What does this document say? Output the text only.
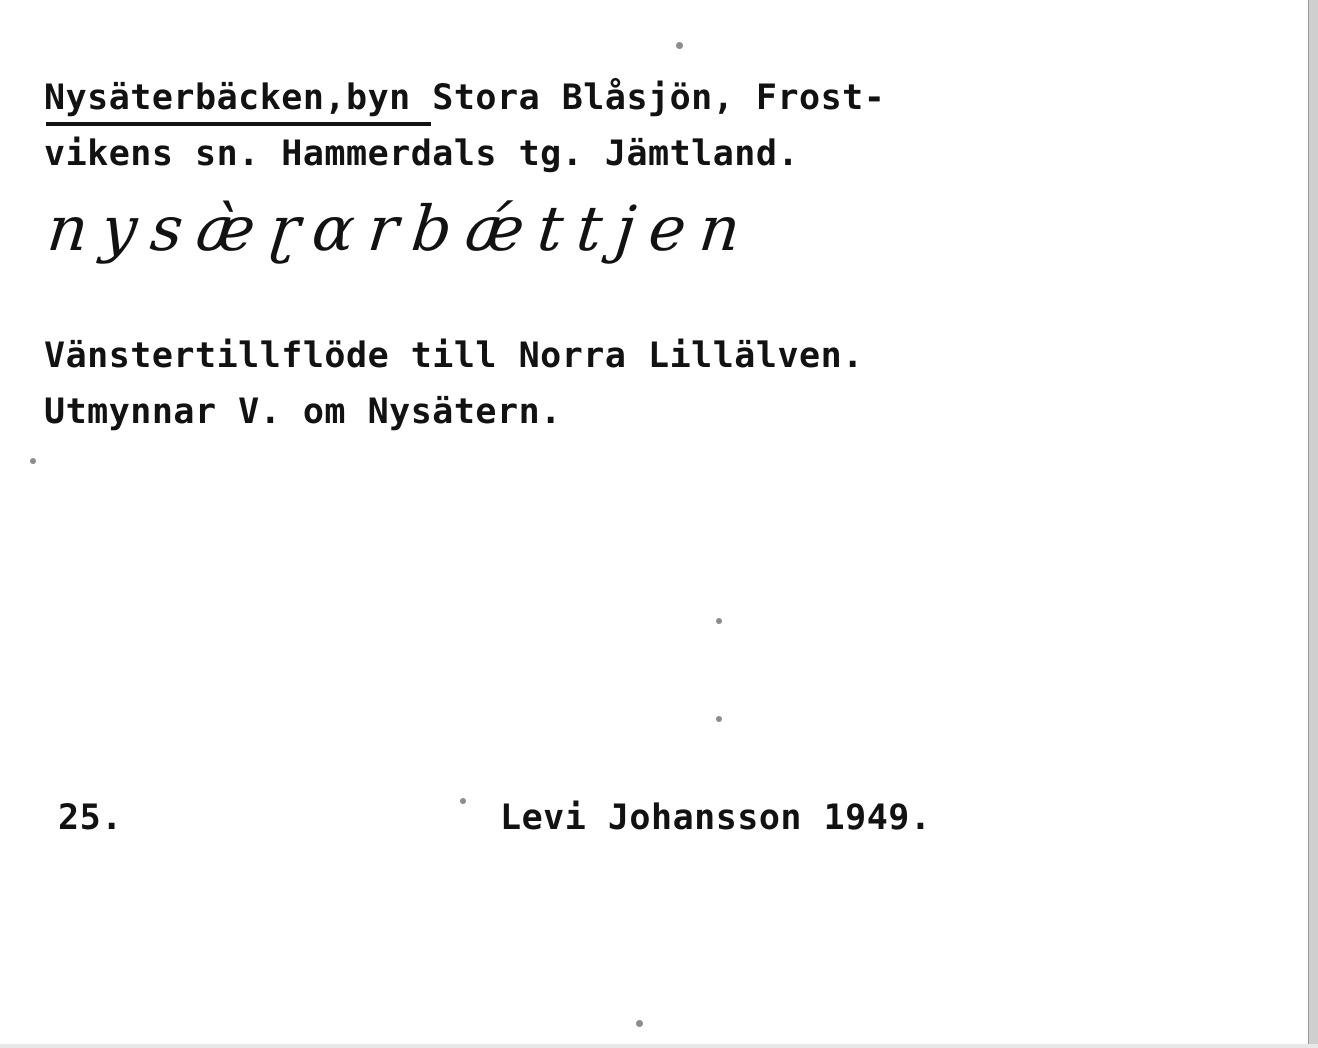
Nysäterbäcken,byn Stora Blåsjön, Frost-
vikens sn. Hammerdals tg. Jämtland.
nysæ̀ɽɑrbǽttjen
Vänstertillflöde till Norra Lillälven.
Utmynnar V. om Nysätern.
25.	Levi Johansson 1949.
